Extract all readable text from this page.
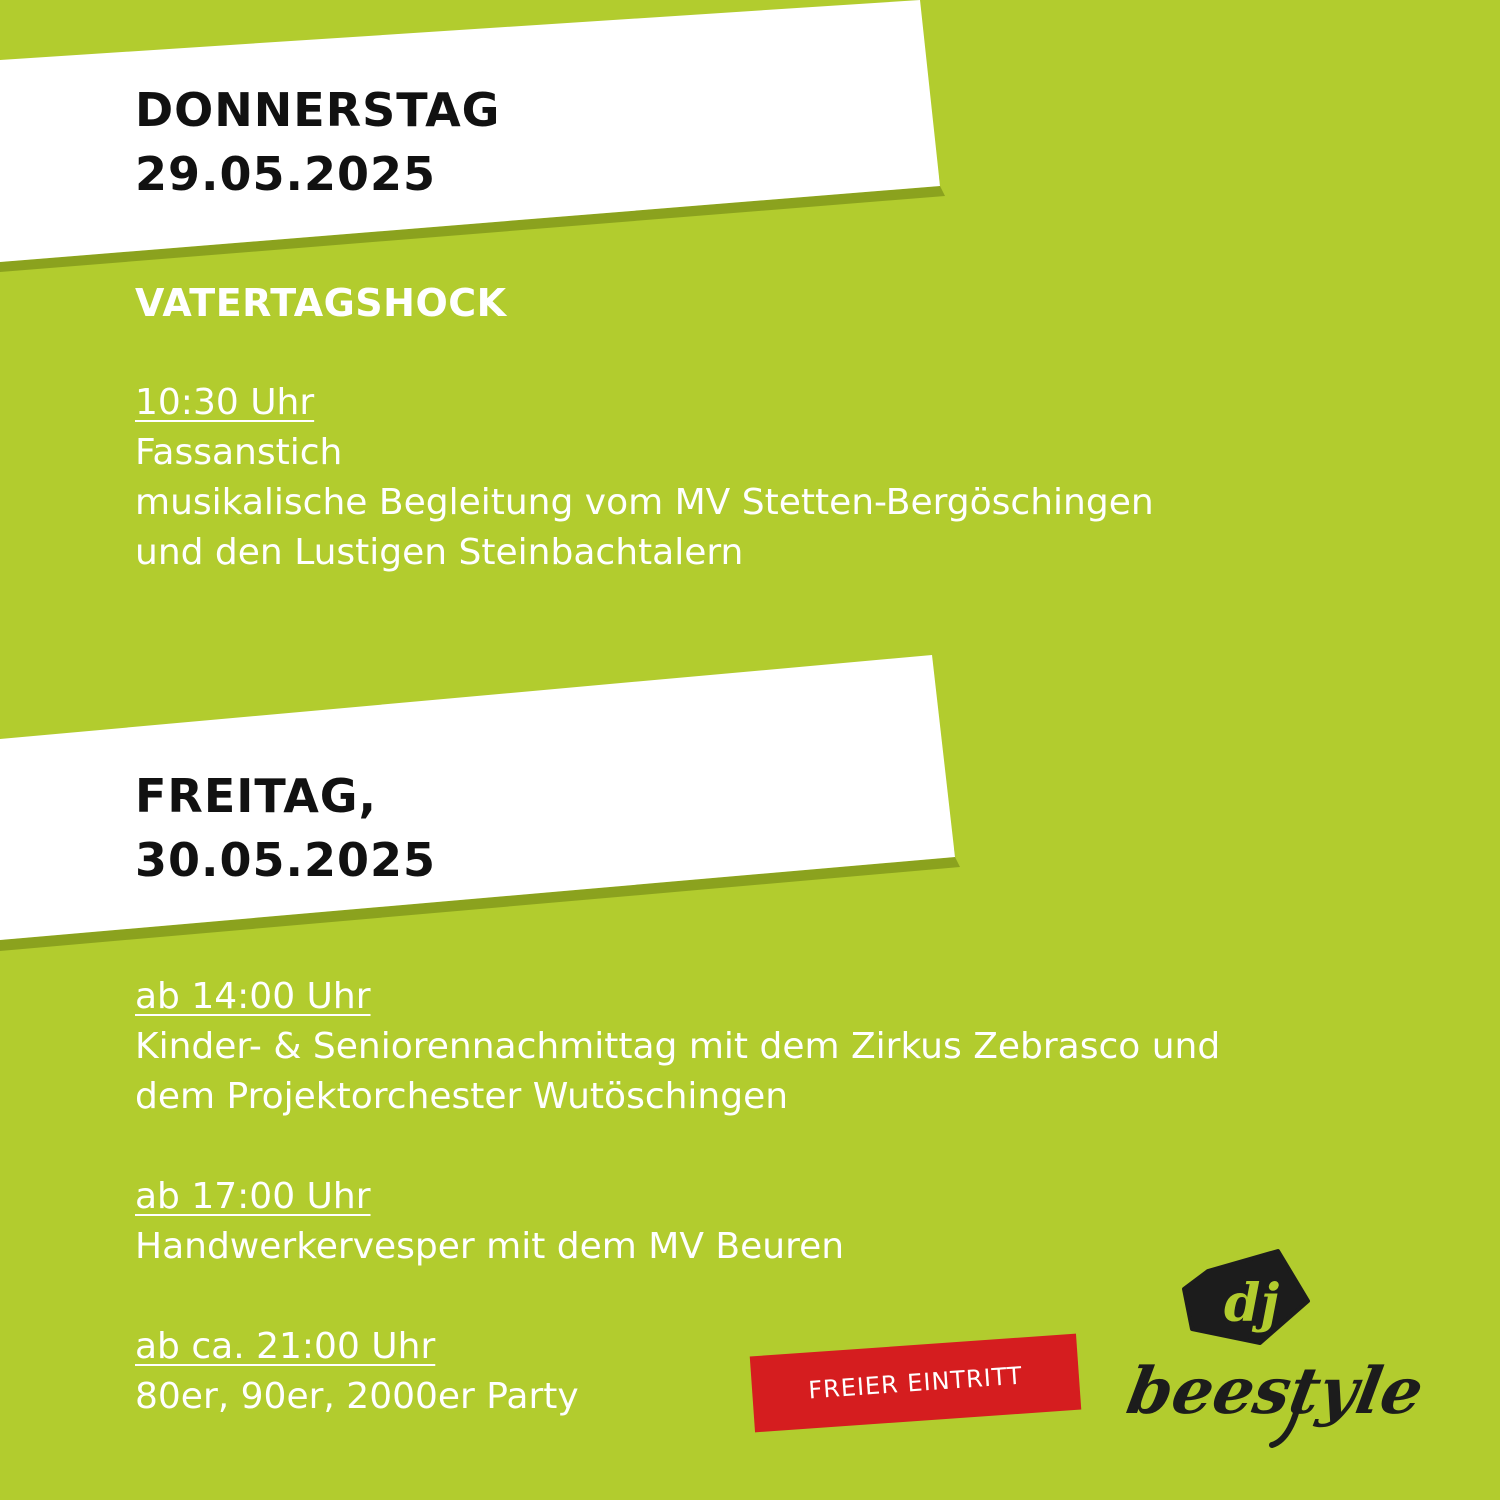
DONNERSTAG
29.05.2025
VATERTAGSHOCK
10:30 Uhr
Fassanstich
musikalische Begleitung vom MV Stetten-Bergöschingen
und den Lustigen Steinbachtalern
FREITAG,
30.05.2025
ab 14:00 Uhr
Kinder- & Seniorennachmittag mit dem Zirkus Zebrasco und
dem Projektorchester Wutöschingen
ab 17:00 Uhr
Handwerkervesper mit dem MV Beuren
ab ca. 21:00 Uhr
80er, 90er, 2000er Party	FREIER EINTRITT
dj
beestyle
